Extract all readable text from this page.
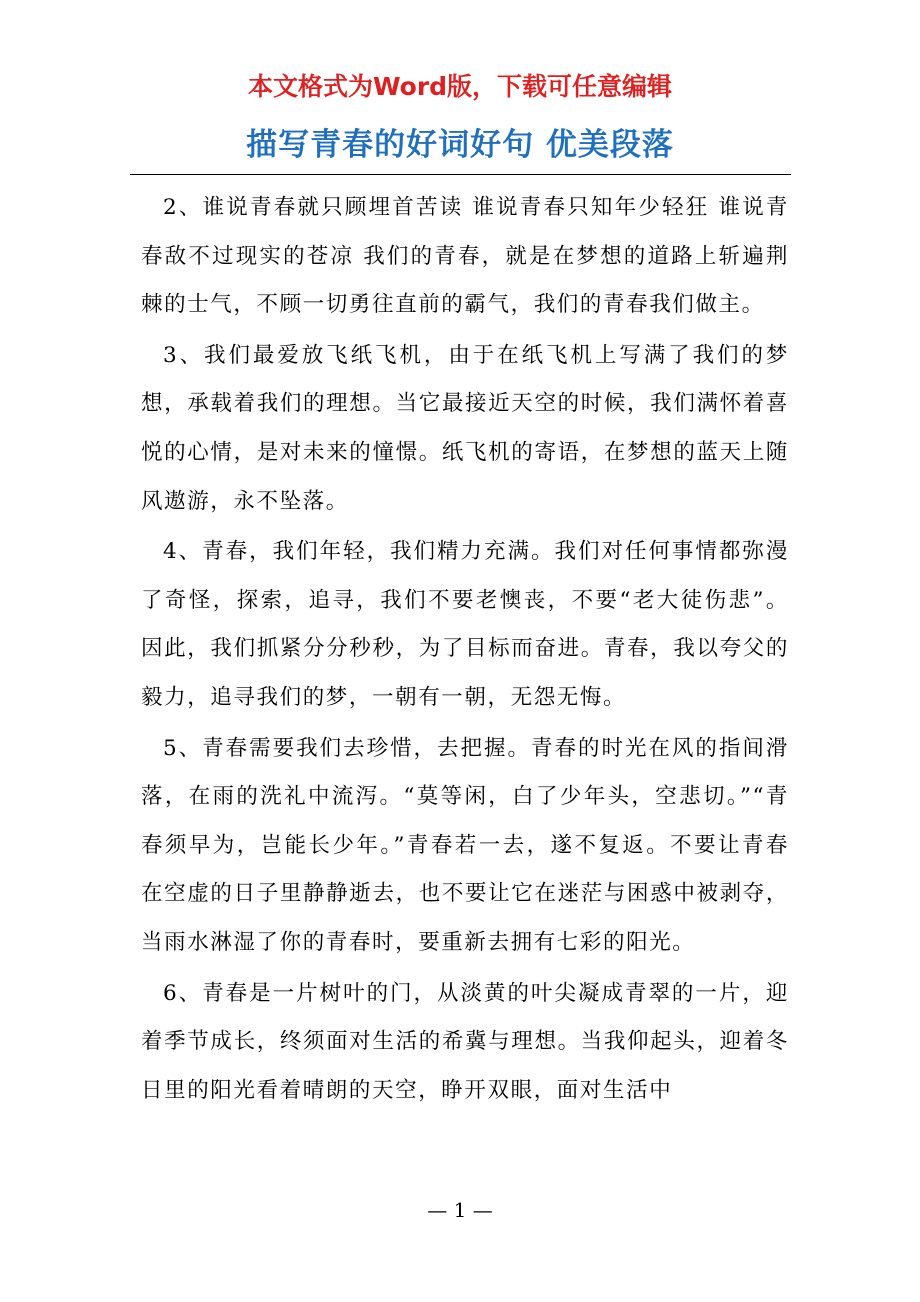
本文格式为Word版，下载可任意编辑
描写青春的好词好句 优美段落

2、谁说青春就只顾埋首苦读 谁说青春只知年少轻狂 谁说青春敌不过现实的苍凉 我们的青春，就是在梦想的道路上斩遍荆棘的士气，不顾一切勇往直前的霸气，我们的青春我们做主。

3、我们最爱放飞纸飞机，由于在纸飞机上写满了我们的梦想，承载着我们的理想。当它最接近天空的时候，我们满怀着喜悦的心情，是对未来的憧憬。纸飞机的寄语，在梦想的蓝天上随风遨游，永不坠落。

4、青春，我们年轻，我们精力充满。我们对任何事情都弥漫了奇怪，探索，追寻，我们不要老懊丧，不要“老大徒伤悲”。因此，我们抓紧分分秒秒，为了目标而奋进。青春，我以夸父的毅力，追寻我们的梦，一朝有一朝，无怨无悔。

5、青春需要我们去珍惜，去把握。青春的时光在风的指间滑落，在雨的洗礼中流泻。“莫等闲，白了少年头，空悲切。”“青春须早为，岂能长少年。”青春若一去，遂不复返。不要让青春在空虚的日子里静静逝去，也不要让它在迷茫与困惑中被剥夺，当雨水淋湿了你的青春时，要重新去拥有七彩的阳光。

6、青春是一片树叶的门，从淡黄的叶尖凝成青翠的一片，迎着季节成长，终须面对生活的希冀与理想。当我仰起头，迎着冬日里的阳光看着晴朗的天空，睁开双眼，面对生活中

— 1 —
